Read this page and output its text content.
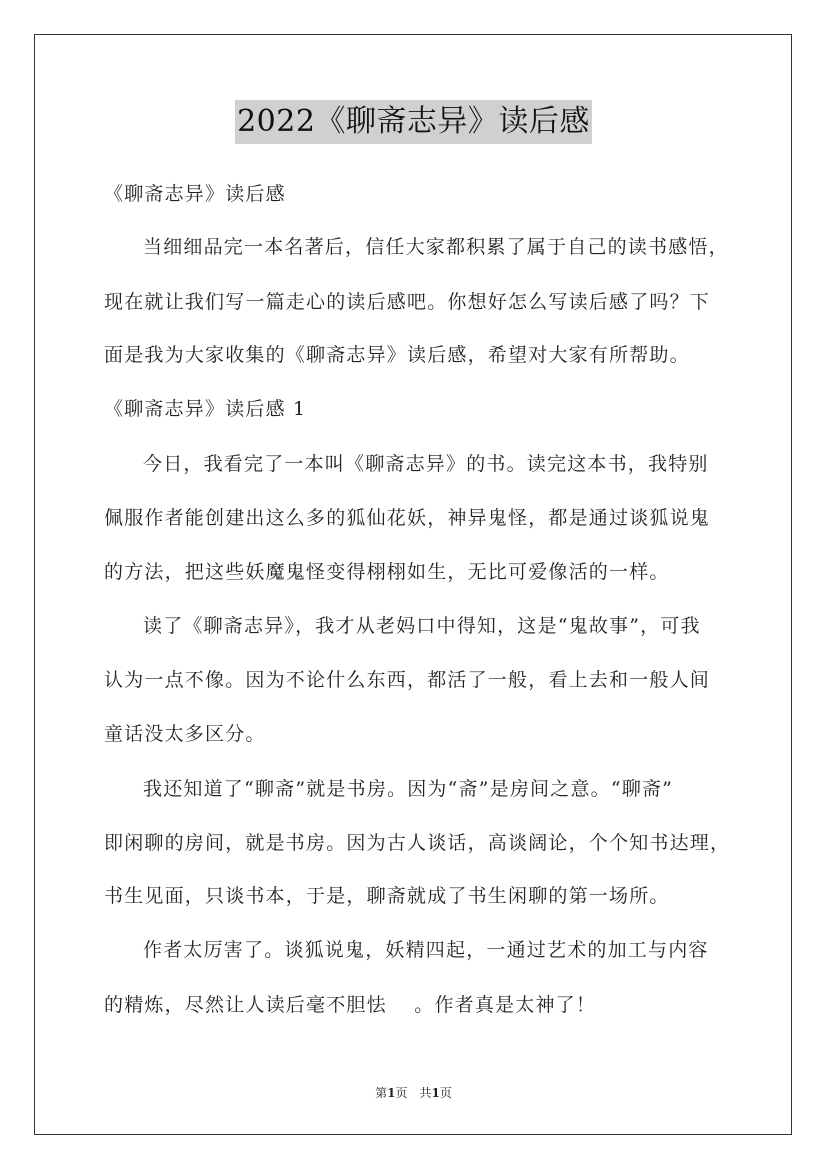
2022《聊斋志异》读后感
《聊斋志异》读后感
当细细品完一本名著后，信任大家都积累了属于自己的读书感悟，
现在就让我们写一篇走心的读后感吧。你想好怎么写读后感了吗？下
面是我为大家收集的《聊斋志异》读后感，希望对大家有所帮助。
《聊斋志异》读后感 1
今日，我看完了一本叫《聊斋志异》的书。读完这本书，我特别
佩服作者能创建出这么多的狐仙花妖，神异鬼怪，都是通过谈狐说鬼
的方法，把这些妖魔鬼怪变得栩栩如生，无比可爱像活的一样。
读了《聊斋志异》，我才从老妈口中得知，这是“鬼故事”，可我
认为一点不像。因为不论什么东西，都活了一般，看上去和一般人间
童话没太多区分。
我还知道了“聊斋”就是书房。因为“斋”是房间之意。“聊斋”
即闲聊的房间，就是书房。因为古人谈话，高谈阔论，个个知书达理，
书生见面，只谈书本，于是，聊斋就成了书生闲聊的第一场所。
作者太厉害了。谈狐说鬼，妖精四起，一通过艺术的加工与内容
的精炼，尽然让人读后毫不胆怯　 。作者真是太神了！
第1页　共1页
